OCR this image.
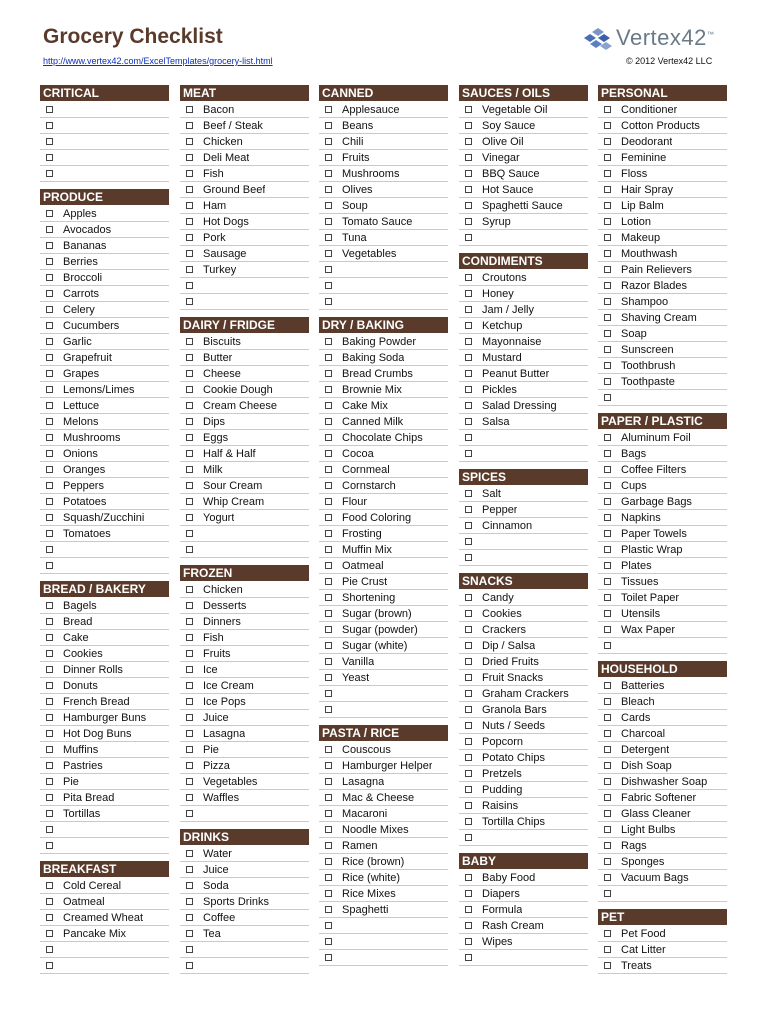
Grocery Checklist
http://www.vertex42.com/ExcelTemplates/grocery-list.html
Vertex42™
© 2012 Vertex42 LLC
CRITICAL
PRODUCE
Apples
Avocados
Bananas
Berries
Broccoli
Carrots
Celery
Cucumbers
Garlic
Grapefruit
Grapes
Lemons/Limes
Lettuce
Melons
Mushrooms
Onions
Oranges
Peppers
Potatoes
Squash/Zucchini
Tomatoes
BREAD / BAKERY
Bagels
Bread
Cake
Cookies
Dinner Rolls
Donuts
French Bread
Hamburger Buns
Hot Dog Buns
Muffins
Pastries
Pie
Pita Bread
Tortillas
BREAKFAST
Cold Cereal
Oatmeal
Creamed Wheat
Pancake Mix
MEAT
Bacon
Beef / Steak
Chicken
Deli Meat
Fish
Ground Beef
Ham
Hot Dogs
Pork
Sausage
Turkey
DAIRY / FRIDGE
Biscuits
Butter
Cheese
Cookie Dough
Cream Cheese
Dips
Eggs
Half & Half
Milk
Sour Cream
Whip Cream
Yogurt
FROZEN
Chicken
Desserts
Dinners
Fish
Fruits
Ice
Ice Cream
Ice Pops
Juice
Lasagna
Pie
Pizza
Vegetables
Waffles
DRINKS
Water
Juice
Soda
Sports Drinks
Coffee
Tea
CANNED
Applesauce
Beans
Chili
Fruits
Mushrooms
Olives
Soup
Tomato Sauce
Tuna
Vegetables
DRY / BAKING
Baking Powder
Baking Soda
Bread Crumbs
Brownie Mix
Cake Mix
Canned Milk
Chocolate Chips
Cocoa
Cornmeal
Cornstarch
Flour
Food Coloring
Frosting
Muffin Mix
Oatmeal
Pie Crust
Shortening
Sugar (brown)
Sugar (powder)
Sugar (white)
Vanilla
Yeast
PASTA / RICE
Couscous
Hamburger Helper
Lasagna
Mac & Cheese
Macaroni
Noodle Mixes
Ramen
Rice (brown)
Rice (white)
Rice Mixes
Spaghetti
SAUCES / OILS
Vegetable Oil
Soy Sauce
Olive Oil
Vinegar
BBQ Sauce
Hot Sauce
Spaghetti Sauce
Syrup
CONDIMENTS
Croutons
Honey
Jam / Jelly
Ketchup
Mayonnaise
Mustard
Peanut Butter
Pickles
Salad Dressing
Salsa
SPICES
Salt
Pepper
Cinnamon
SNACKS
Candy
Cookies
Crackers
Dip / Salsa
Dried Fruits
Fruit Snacks
Graham Crackers
Granola Bars
Nuts / Seeds
Popcorn
Potato Chips
Pretzels
Pudding
Raisins
Tortilla Chips
BABY
Baby Food
Diapers
Formula
Rash Cream
Wipes
PERSONAL
Conditioner
Cotton Products
Deodorant
Feminine
Floss
Hair Spray
Lip Balm
Lotion
Makeup
Mouthwash
Pain Relievers
Razor Blades
Shampoo
Shaving Cream
Soap
Sunscreen
Toothbrush
Toothpaste
PAPER / PLASTIC
Aluminum Foil
Bags
Coffee Filters
Cups
Garbage Bags
Napkins
Paper Towels
Plastic Wrap
Plates
Tissues
Toilet Paper
Utensils
Wax Paper
HOUSEHOLD
Batteries
Bleach
Cards
Charcoal
Detergent
Dish Soap
Dishwasher Soap
Fabric Softener
Glass Cleaner
Light Bulbs
Rags
Sponges
Vacuum Bags
PET
Pet Food
Cat Litter
Treats
